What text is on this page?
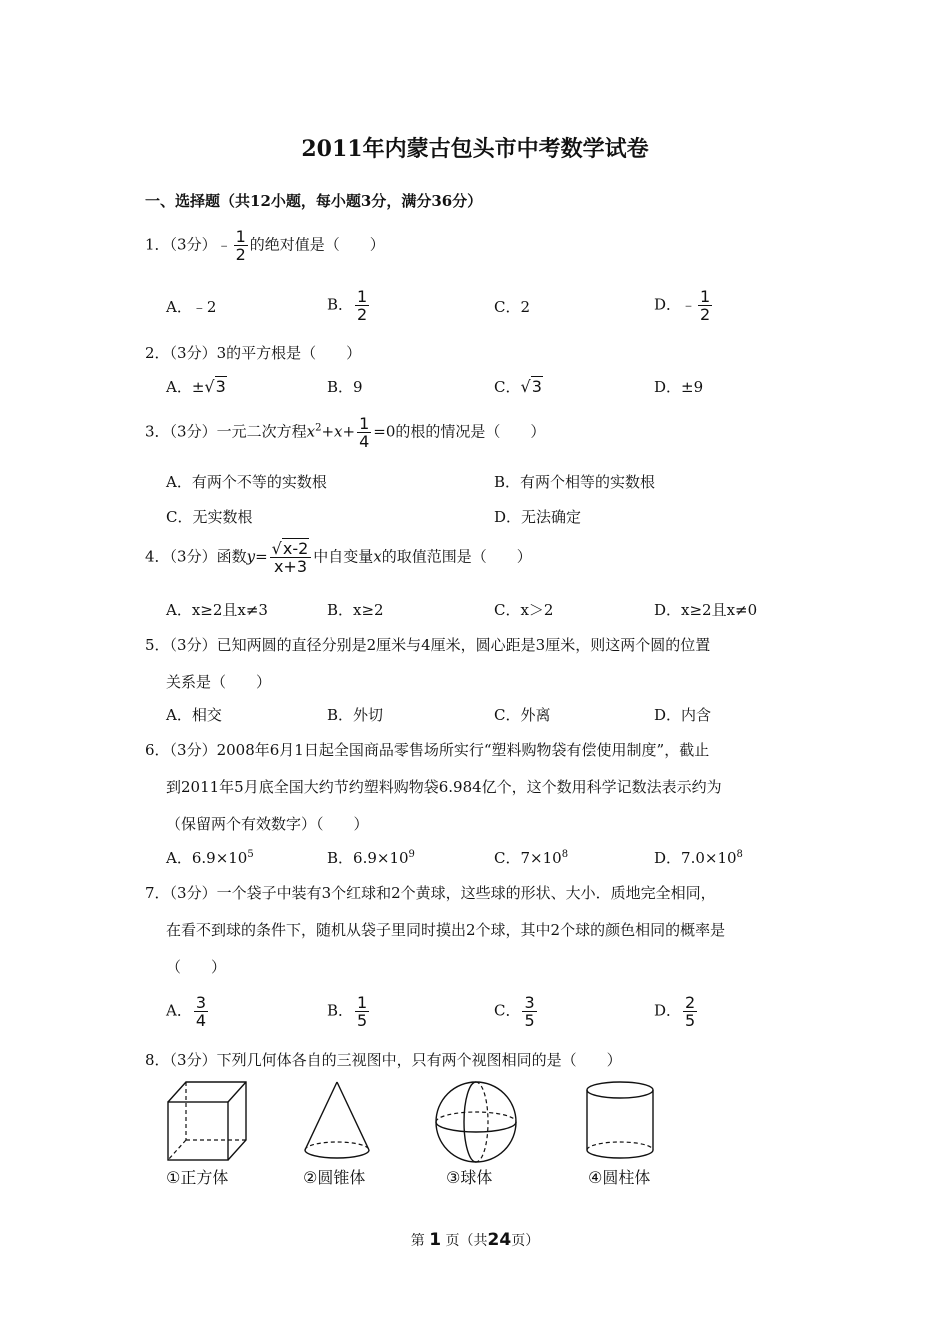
2011年内蒙古包头市中考数学试卷
一、选择题（共12小题，每小题3分，满分36分）
1．（3分）﹣ $\frac{1}{2}$ 的绝对值是（　　）
A．﹣2	B． $\frac{1}{2}$	C．2	D．﹣ $\frac{1}{2}$
2．（3分）3的平方根是（　　）
A．±√3	B．9	C．√3	D．±9
3．（3分）一元二次方程$x^2+x+ \frac{1}{4} =0$的根的情况是（　　）
A．有两个不等的实数根	B．有两个相等的实数根
C．无实数根	D．无法确定
4．（3分）函数$y= \frac{√x-2}{x+3}$ 中自变量x的取值范围是（　　）
A．x≥2且x≠3	B．x≥2	C．x＞2	D．x≥2且x≠0
5．（3分）已知两圆的直径分别是2厘米与4厘米，圆心距是3厘米，则这两个圆的位置
关系是（　　）
A．相交	B．外切	C．外离	D．内含
6．（3分）2008年6月1日起全国商品零售场所实行“塑料购物袋有偿使用制度”，截止
到2011年5月底全国大约节约塑料购物袋6.984亿个，这个数用科学记数法表示约为
（保留两个有效数字）（　　）
A．$6.9\times 10^5$	B．$6.9\times 10^9$	C．$7\times 10^8$	D．$7.0\times 10^8$
7．（3分）一个袋子中装有3个红球和2个黄球，这些球的形状、大小．质地完全相同，
在看不到球的条件下，随机从袋子里同时摸出2个球，其中2个球的颜色相同的概率是
（　　）
A． $\frac{3}{4}$	B． $\frac{1}{5}$	C． $\frac{3}{5}$	D． $\frac{2}{5}$
8．（3分）下列几何体各自的三视图中，只有两个视图相同的是（　　）
①正方体	②圆锥体	③球体	④圆柱体
第 1 页（共24页）
